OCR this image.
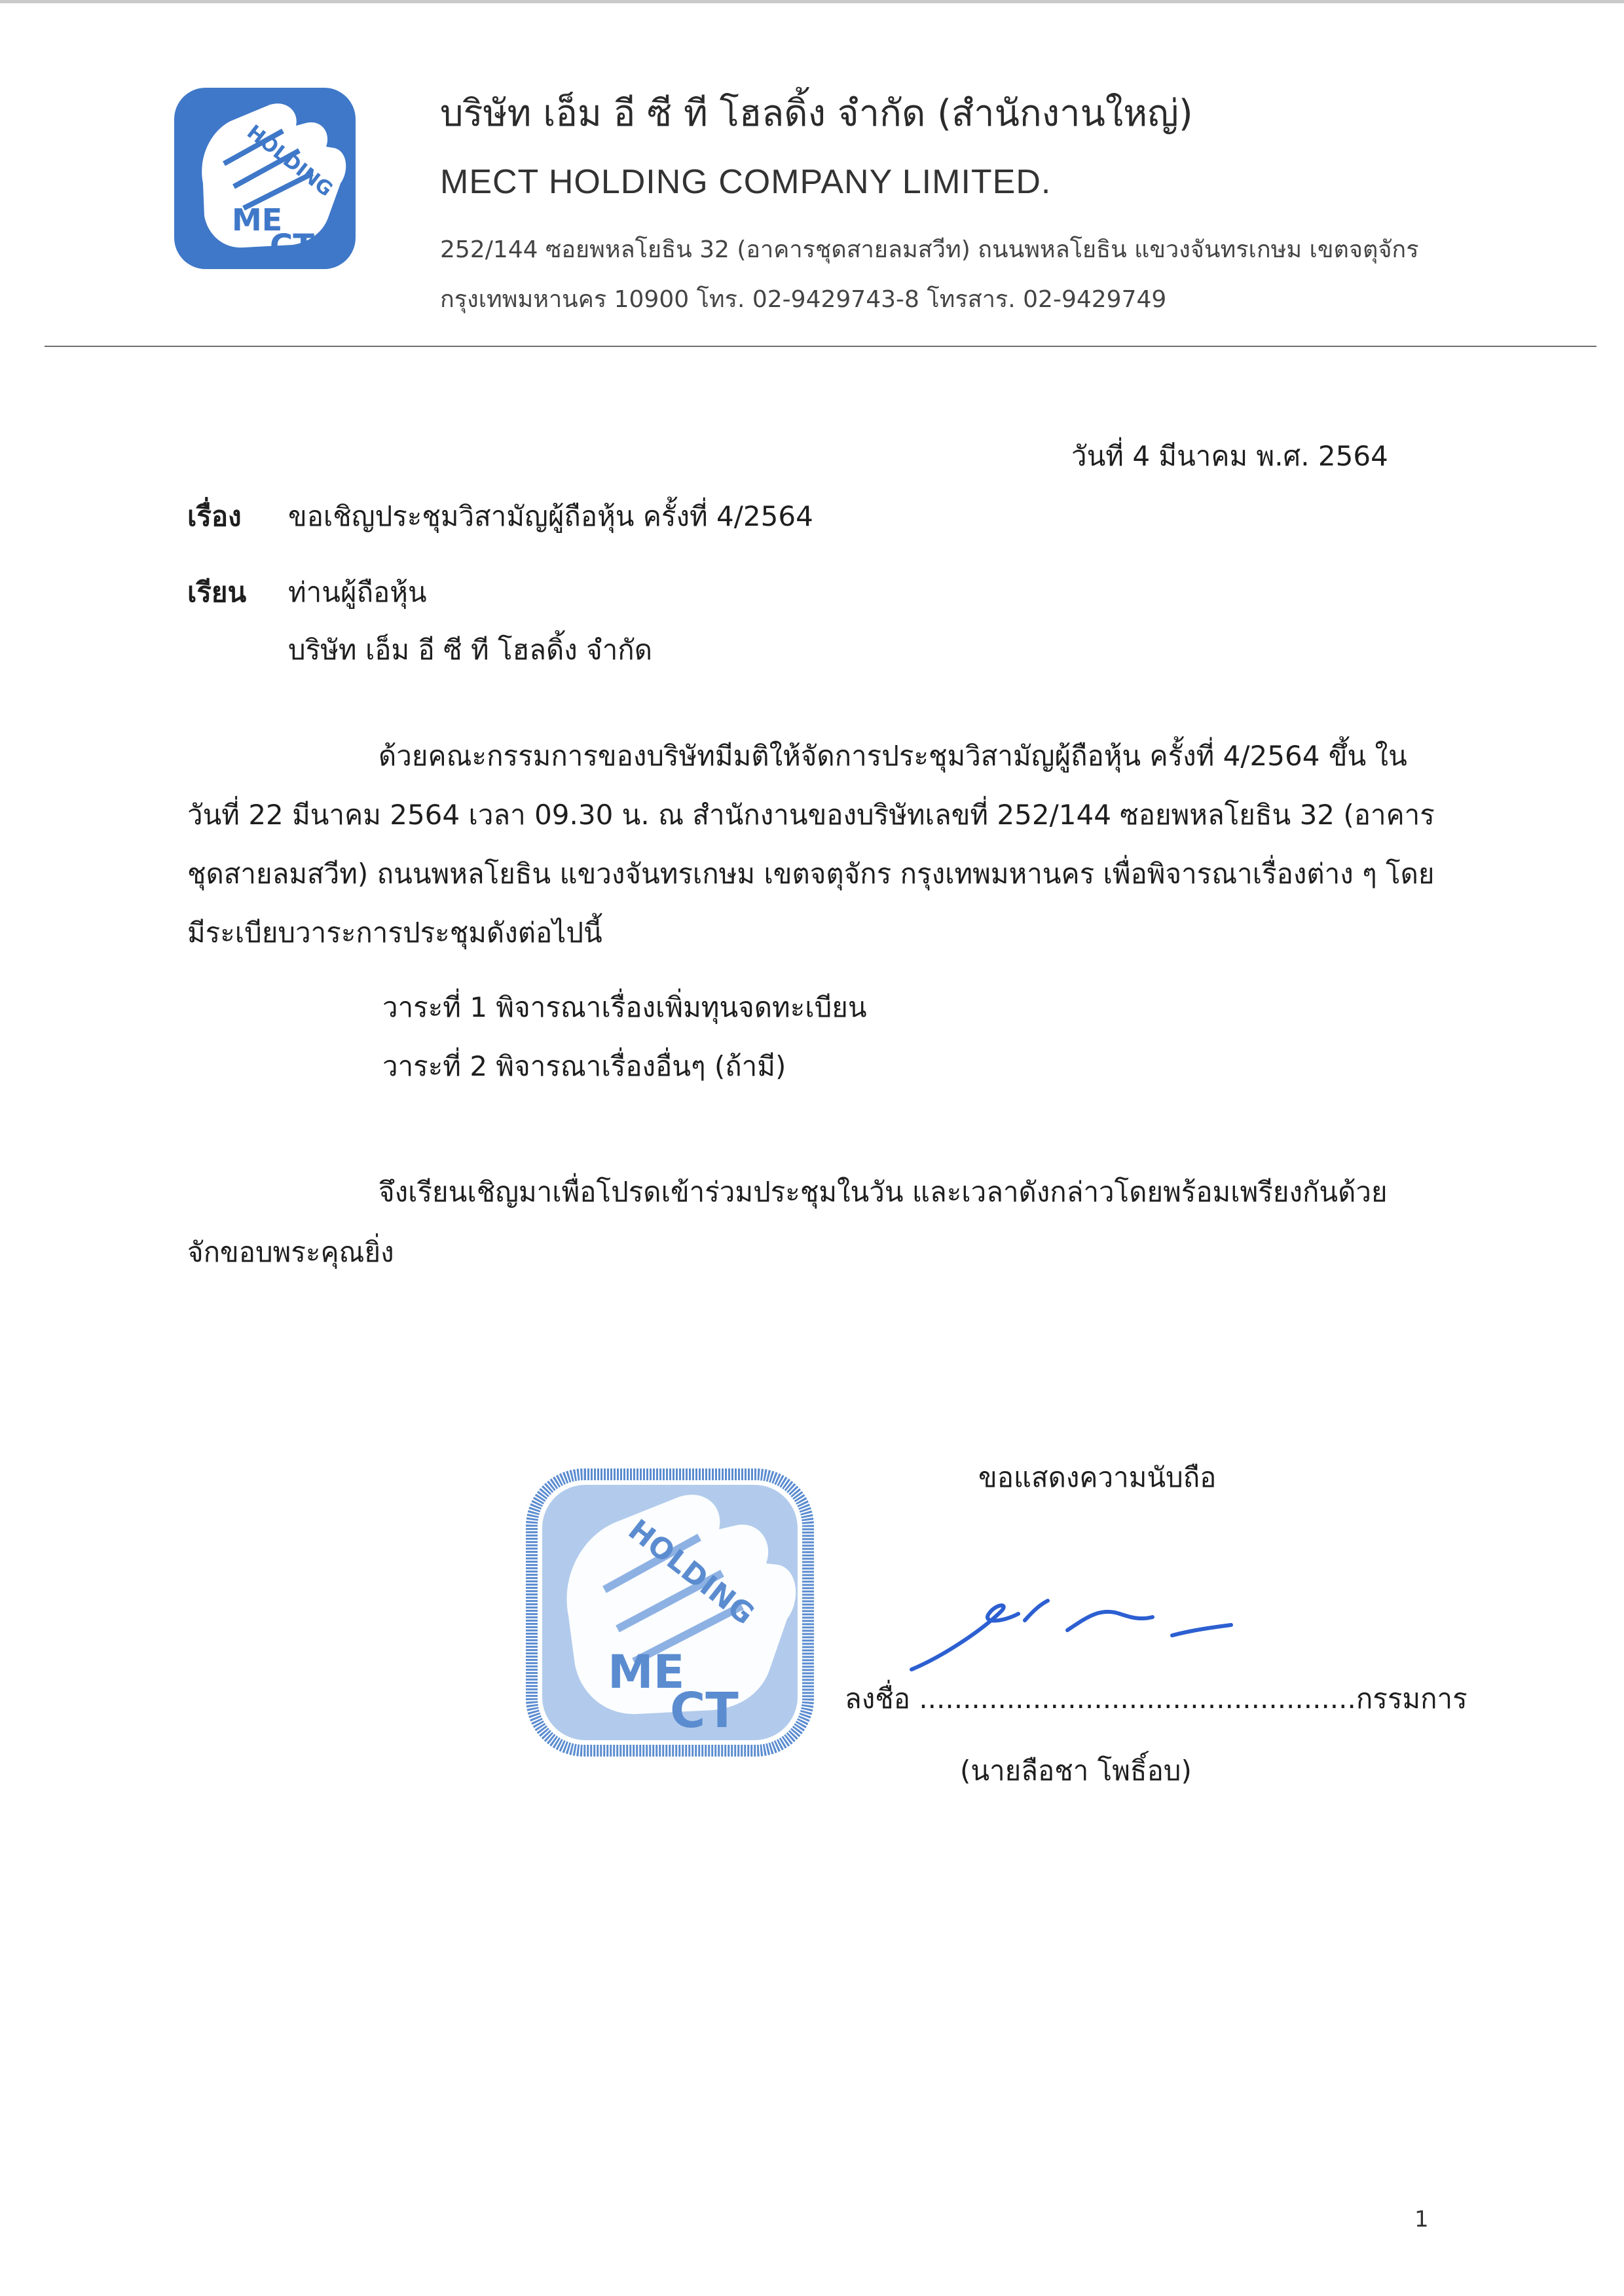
HOLDING
ME
CT
บริษัท เอ็ม อี ซี ที โฮลดิ้ง จำกัด (สำนักงานใหญ่)
MECT HOLDING COMPANY LIMITED.
252/144 ซอยพหลโยธิน 32 (อาคารชุดสายลมสวีท) ถนนพหลโยธิน แขวงจันทรเกษม เขตจตุจักร
กรุงเทพมหานคร 10900 โทร. 02-9429743-8 โทรสาร. 02-9429749
วันที่ 4 มีนาคม พ.ศ. 2564
เรื่อง ขอเชิญประชุมวิสามัญผู้ถือหุ้น ครั้งที่ 4/2564
เรียน ท่านผู้ถือหุ้น
บริษัท เอ็ม อี ซี ที โฮลดิ้ง จำกัด
ด้วยคณะกรรมการของบริษัทมีมติให้จัดการประชุมวิสามัญผู้ถือหุ้น ครั้งที่ 4/2564 ขึ้น ใน
วันที่ 22 มีนาคม 2564 เวลา 09.30 น. ณ สำนักงานของบริษัทเลขที่ 252/144 ซอยพหลโยธิน 32 (อาคาร
ชุดสายลมสวีท) ถนนพหลโยธิน แขวงจันทรเกษม เขตจตุจักร กรุงเทพมหานคร เพื่อพิจารณาเรื่องต่าง ๆ โดย
มีระเบียบวาระการประชุมดังต่อไปนี้
วาระที่ 1 พิจารณาเรื่องเพิ่มทุนจดทะเบียน
วาระที่ 2 พิจารณาเรื่องอื่นๆ (ถ้ามี)
จึงเรียนเชิญมาเพื่อโปรดเข้าร่วมประชุมในวัน และเวลาดังกล่าวโดยพร้อมเพรียงกันด้วย
จักขอบพระคุณยิ่ง
HOLDING
ME
CT
ขอแสดงความนับถือ
ลงชื่อ ..................................................กรรมการ
(นายลือชา โพธิ์อบ)
1
